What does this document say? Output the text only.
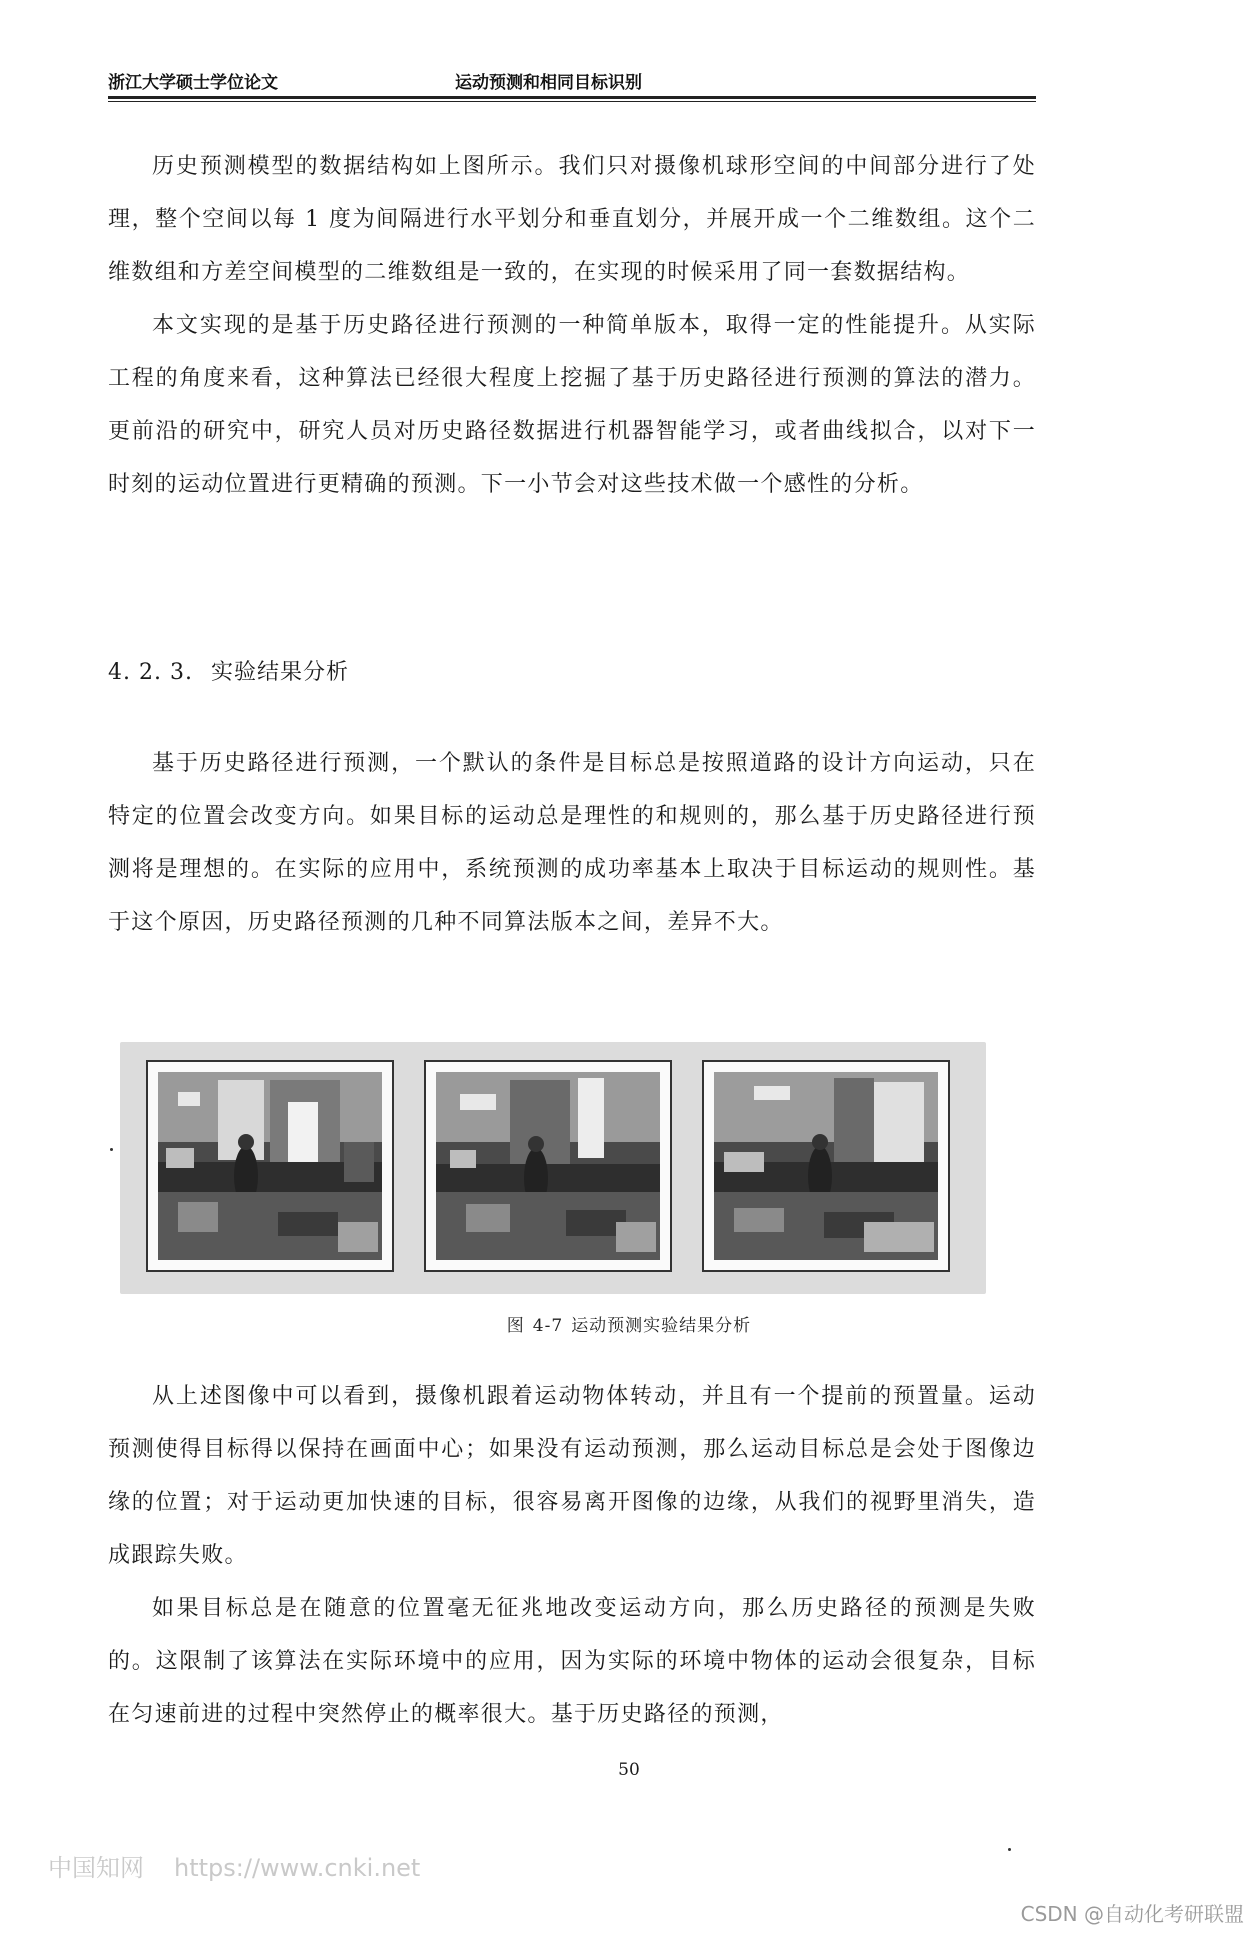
浙江大学硕士学位论文	运动预测和相同目标识别

历史预测模型的数据结构如上图所示。我们只对摄像机球形空间的中间部分进行了处理，整个空间以每 1 度为间隔进行水平划分和垂直划分，并展开成一个二维数组。这个二维数组和方差空间模型的二维数组是一致的，在实现的时候采用了同一套数据结构。

本文实现的是基于历史路径进行预测的一种简单版本，取得一定的性能提升。从实际工程的角度来看，这种算法已经很大程度上挖掘了基于历史路径进行预测的算法的潜力。更前沿的研究中，研究人员对历史路径数据进行机器智能学习，或者曲线拟合，以对下一时刻的运动位置进行更精确的预测。下一小节会对这些技术做一个感性的分析。

4. 2. 3. 实验结果分析

基于历史路径进行预测，一个默认的条件是目标总是按照道路的设计方向运动，只在特定的位置会改变方向。如果目标的运动总是理性的和规则的，那么基于历史路径进行预测将是理想的。在实际的应用中，系统预测的成功率基本上取决于目标运动的规则性。基于这个原因，历史路径预测的几种不同算法版本之间，差异不大。

图 4-7 运动预测实验结果分析

从上述图像中可以看到，摄像机跟着运动物体转动，并且有一个提前的预置量。运动预测使得目标得以保持在画面中心；如果没有运动预测，那么运动目标总是会处于图像边缘的位置；对于运动更加快速的目标，很容易离开图像的边缘，从我们的视野里消失，造成跟踪失败。

如果目标总是在随意的位置毫无征兆地改变运动方向，那么历史路径的预测是失败的。这限制了该算法在实际环境中的应用，因为实际的环境中物体的运动会很复杂，目标在匀速前进的过程中突然停止的概率很大。基于历史路径的预测，

50
中国知网 https://www.cnki.net
CSDN @自动化考研联盟
